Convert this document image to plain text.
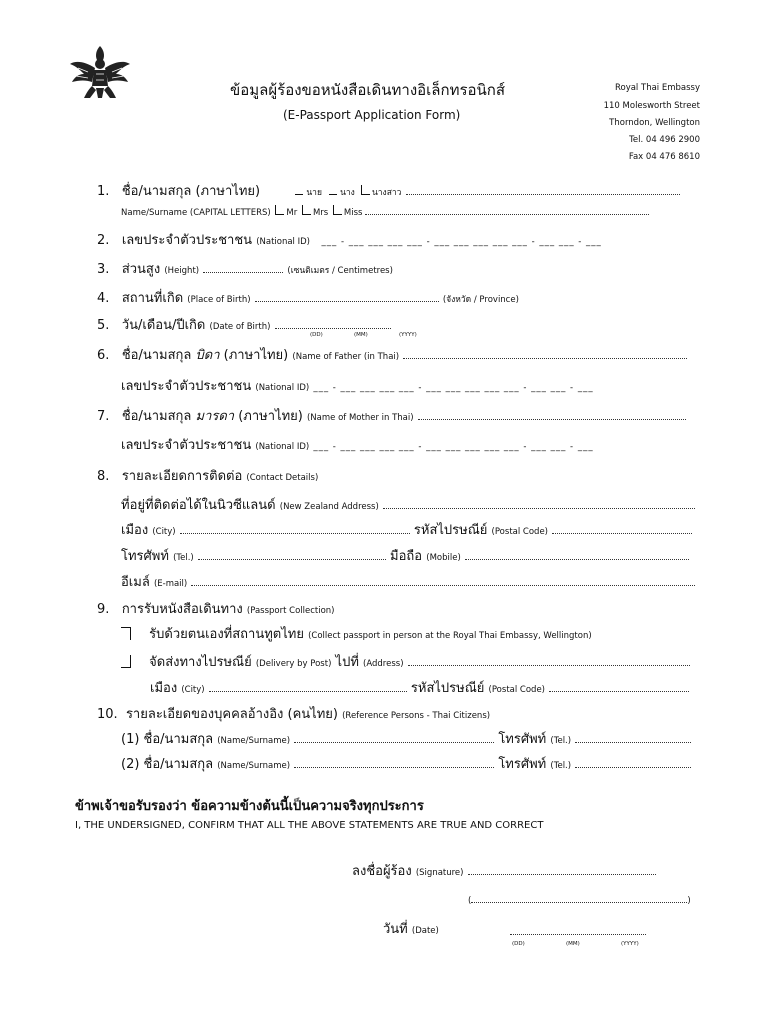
ข้อมูลผู้ร้องขอหนังสือเดินทางอิเล็กทรอนิกส์
(E-Passport Application Form)
Royal Thai Embassy
110 Molesworth Street
Thorndon, Wellington
Tel. 04 496 2900
Fax 04 476 8610
1. ชื่อ/นามสกุล (ภาษาไทย)	นาย นาง นางสาว
Name/Surname (CAPITAL LETTERS) Mr Mrs Miss
2. เลขประจำตัวประชาชน (National ID)   ___ - ___ ___ ___ ___ - ___ ___ ___ ___ ___ - ___ ___ - ___
3. ส่วนสูง (Height)	(เซนติเมตร / Centimetres)
4. สถานที่เกิด (Place of Birth)	(จังหวัด / Province)
5. วัน/เดือน/ปีเกิด (Date of Birth)
(DD)	(MM)	(YYYY)
6. ชื่อ/นามสกุล บิดา (ภาษาไทย) (Name of Father (in Thai)
เลขประจำตัวประชาชน (National ID) ___ - ___ ___ ___ ___ - ___ ___ ___ ___ ___ - ___ ___ - ___
7. ชื่อ/นามสกุล มารดา (ภาษาไทย) (Name of Mother in Thai)
เลขประจำตัวประชาชน (National ID) ___ - ___ ___ ___ ___ - ___ ___ ___ ___ ___ - ___ ___ - ___
8. รายละเอียดการติดต่อ (Contact Details)
ที่อยู่ที่ติดต่อได้ในนิวซีแลนด์ (New Zealand Address)
เมือง (City)	รหัสไปรษณีย์ (Postal Code)
โทรศัพท์ (Tel.)	มือถือ (Mobile)
อีเมล์ (E-mail)
9. การรับหนังสือเดินทาง (Passport Collection)
รับด้วยตนเองที่สถานทูตไทย (Collect passport in person at the Royal Thai Embassy, Wellington)
จัดส่งทางไปรษณีย์ (Delivery by Post) ไปที่ (Address)
เมือง (City)	รหัสไปรษณีย์ (Postal Code)
10. รายละเอียดของบุคคลอ้างอิง (คนไทย) (Reference Persons - Thai Citizens)
(1) ชื่อ/นามสกุล (Name/Surname)	โทรศัพท์ (Tel.)
(2) ชื่อ/นามสกุล (Name/Surname)	โทรศัพท์ (Tel.)
ข้าพเจ้าขอรับรองว่า ข้อความข้างต้นนี้เป็นความจริงทุกประการ
I, THE UNDERSIGNED, CONFIRM THAT ALL THE ABOVE STATEMENTS ARE TRUE AND CORRECT
ลงชื่อผู้ร้อง (Signature)
(	)
วันที่ (Date)
(DD)	(MM)	(YYYY)
